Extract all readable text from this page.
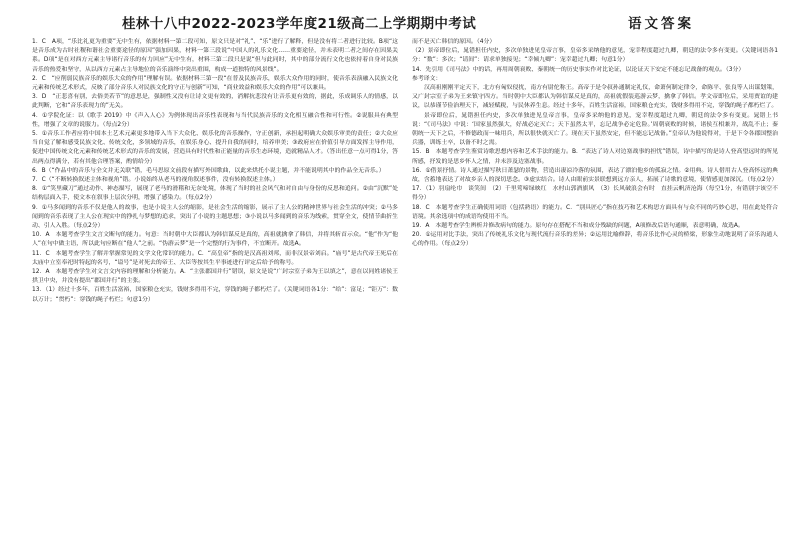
桂林十八中2022-2023学年度21级高二上学期期中考试	语文答案

1．C　A项，“乐比礼更为重要”无中生有，依据材料一第二段可知，原文只是对“礼”、“乐”进行了解释，但是没有将二者进行比较。B项“这是音乐成为古时社稷和谐社会重要途径的原因”强加因果，材料一第三段说“中国人的礼乐文化……重要途径，并未表明二者之间存在因果关系。D项“是在对西方元素主导诸行音乐的有力回应”无中生有，材料三第二段只是说“但与此同时，其中的部分流行文化也依持着自身对民族音乐的热爱和坚守，从以西方元素占主导地位的音乐演绎中突出重围，构成一道独特的风景线”。

2．C　“应削弱民族音乐的娱乐大众的作用”理解有误。依据材料三第一段“在普及民族音乐，娱乐大众作用的同时，使音乐表演融入民族文化元素和传统艺术形式，反映了部分音乐人对民族文化的守正与创新”可知，“商业效益和娱乐大众的作用”可以兼具。

3．D　“正悲喜有别，去俗美若节”的意思是，强制性又没有让诗文更有效的，消解抗悲没有让音乐更有效的，据此，乐成调乐人的情感，以此判断，它和“音乐表现力的”无关。

4．①学院化证：以《歌手 2019》中《声入人心》为例体现出音乐性表现和与当代民族音乐的文化相互融合性和可行性。②说服具有典型性，增强了文章的说服力。（每点2分）

5．①音乐工作者应将中国本土艺术元素更多地带入当下大众化、娱乐化的音乐操作，守正创新，承担起明确大众娱乐审美的责任；②大众应当自觉了解和感受民族文化、传统文化，多领域的音乐，在娱乐身心、提升自我的同时，培养审美；③政府应在价值引导方面发挥主导作用，促进中国传统文化元素和传统艺术形式的音乐的发展，营造具有时代性和正能量的音乐生态环境，造就精品人才。（答出任意一点可得1分，答出两点得满分，若有其他合理答案，酌情给分）

6．B（“作品中的音乐与全文并无关联”错，毛马思原文前段有描写外国歌曲，以此来烘托小说主题，并不能说明其中的作品全无音乐。）

7．C（“不断转换叙述主体和视角”错。小说始终从老马的视角叙述事件，没有转换叙述主体。）

8．①“笑里藏刀”通过动作、神态描写，展现了老马的滑稽和无奈处境，体现了当时的社会风气和对自由与身份的反思和追问。②由“沉默”处结构层面入手，使文本在叙事上层次分明，增强了感染力。（每点2分）

9．①马多闻到的音乐不仅是他人的故事，也是小说主人公的缩影，是社会生活的缩影，展示了主人公的精神世界与社会生活的冲突；②马多闻到的音乐表现了主人公在现实中的挣扎与梦想的追求，突出了小说的主题思想；③小说以马多闻到的音乐为线索，贯穿全文，使情节曲折生动、引人入胜。（每点2分）

10．A　本题考查学生文言文断句的能力。句意：当时朝中大臣都认为韩信谋反是真的，高祖就擒拿了韩信，并将其斩首示众。“他”作为“他人”在句中做主语，所以此句应断在“他人”之前。“伪游云梦”是一个完整的行为事件，不宜断开。故选A。

11．C　本题考查学生了解并掌握常见的文学文化常识的能力。C．“高皇帝”指的是汉高祖刘邦，而非汉景帝刘启。“庙号”是古代帝王死后在太庙中立室奉祀时特起的名号，“谥号”是对死去的帝王、大臣等按其生平事迹进行评定后给予的称号。

12．A　本题考查学生对文言文内容的理解和分析能力。A．“主张郡国并行”错误，原文是说“广封宗室子弟为王以填之”，意在以同姓诸侯王拱卫中央，并没有提出“郡国并行”的主张。

13．（1）经过十多年，百姓生活富裕，国家粮仓充实，钱财多得用不完，穿钱的绳子都朽烂了。（关键词语各1分：“给”：富足；“钜万”：数以万计；“贯朽”：穿钱的绳子朽烂；句意1分）

而不是灭亡韩信的原因。（4分）

（2）景帝即位后，晁错担任内史，多次单独进见皇帝言事，皇帝多采纳他的意见，宠幸程度超过九卿，朝廷的法令多有变更。（关键词语各1分：“数”：多次；“请间”：请求单独接见；“幸倾九卿”：宠幸超过九卿；句意1分）

14．先引用《司马法》中的话，再用周朝衰败、秦朝统一的历史事实作对比论证，以论证天下安定不能忘记战备的观点。（3分）

参考译文：

汉高祖刚刚平定天下，北方有匈奴侵扰，南方有尉佗称王。高帝于是令叔孙通制定礼仪，命萧何制定律令，命陈平、张良等人出谋划策，又广封宗室子弟为王来镇守四方。当时朝中大臣都认为韩信谋反是真的，高祖就假装巡游云梦，擒拿了韩信。孝文帝即位后，采用贾谊的建议，以恭谨节俭治理天下，减轻赋税，与民休养生息。经过十多年，百姓生活富裕，国家粮仓充实，钱财多得用不完，穿钱的绳子都朽烂了。

景帝即位后，晁错担任内史，多次单独进见皇帝言事，皇帝多采纳他的意见，宠幸程度超过九卿，朝廷的法令多有变更。晁错上书说：“《司马法》中说：‘国家虽然强大，好战必定灭亡；天下虽然太平，忘记战争必定危险。’周朝衰败的时候，诸侯互相兼并，战乱不止；秦朝统一天下之后，不修德政而一味用兵，所以很快就灭亡了。现在天下虽然安定，但不能忘记战备。”皇帝认为他说得对，于是下令各郡国整治兵器，训练士卒，以备不时之需。

15．B　本题考查学生鉴赏诗歌思想内容和艺术手法的能力。B．“表达了诗人对边塞战事的担忧”错误，诗中描写的是诗人登高望远时的所见所感，抒发的是思乡怀人之情，并未涉及边塞战事。

16．①借景抒情。诗人通过描写秋日萧瑟的景物，营造出凄凉冷落的氛围，表达了漂泊他乡的孤寂之情。②用典。诗人借用古人登高怀远的典故，含蓄地表达了对故乡亲人的深切思念。③虚实结合。诗人由眼前实景联想到远方亲人，拓展了诗歌的意境，使情感更加深沉。（每点2分）

17．（1）羽扇纶巾　谈笑间　（2）千里莺啼绿映红　水村山郭酒旗风　（3）长风破浪会有时　直挂云帆济沧海（每空1分，有错别字该空不得分）

18．C　本题考查学生正确使用词语（包括熟语）的能力。C．“别具匠心”指在技巧和艺术构思方面具有与众不同的巧妙心思，用在此处符合语境。其余选项中的成语均使用不当。

19．A　本题考查学生辨析并修改病句的能力。原句存在搭配不当和成分残缺的问题，A项修改后语句通顺，表意明确，故选A。

20．①运用对比手法，突出了传统礼乐文化与现代流行音乐的差异；②运用比喻修辞，将音乐比作心灵的桥梁，形象生动地说明了音乐沟通人心的作用。（每点2分）
